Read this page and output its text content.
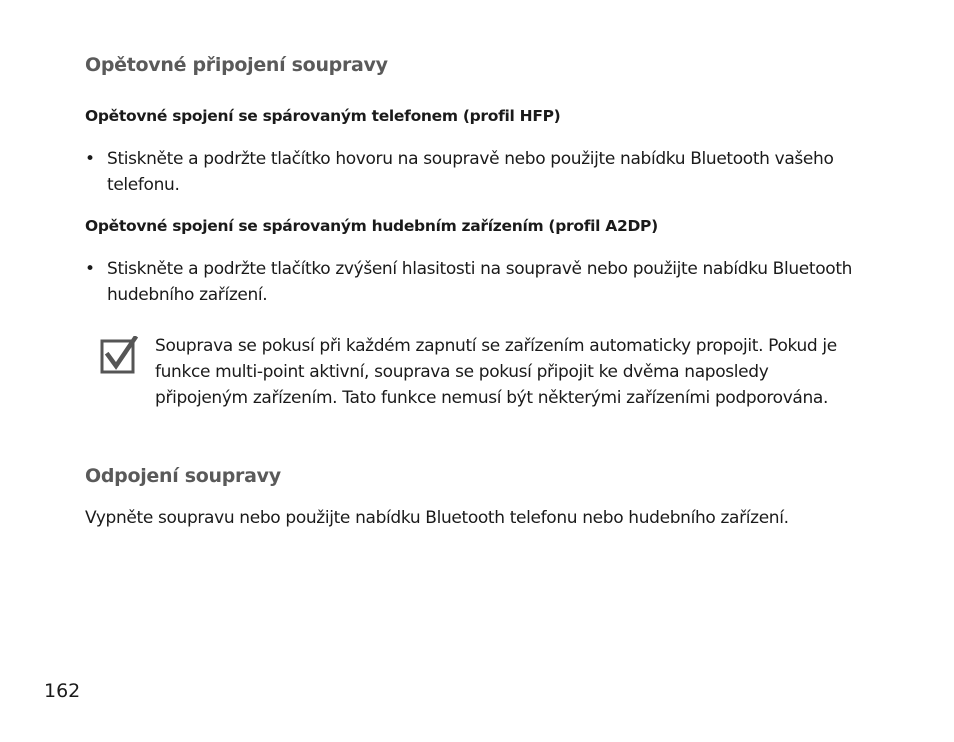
Opětovné připojení soupravy
Opětovné spojení se spárovaným telefonem (profil HFP)
• Stiskněte a podržte tlačítko hovoru na soupravě nebo použijte nabídku Bluetooth vašeho telefonu.
Opětovné spojení se spárovaným hudebním zařízením (profil A2DP)
• Stiskněte a podržte tlačítko zvýšení hlasitosti na soupravě nebo použijte nabídku Bluetooth hudebního zařízení.
Souprava se pokusí při každém zapnutí se zařízením automaticky propojit. Pokud je funkce multi-point aktivní, souprava se pokusí připojit ke dvěma naposledy připojeným zařízením. Tato funkce nemusí být některými zařízeními podporována.
Odpojení soupravy

Vypněte soupravu nebo použijte nabídku Bluetooth telefonu nebo hudebního zařízení.

162
